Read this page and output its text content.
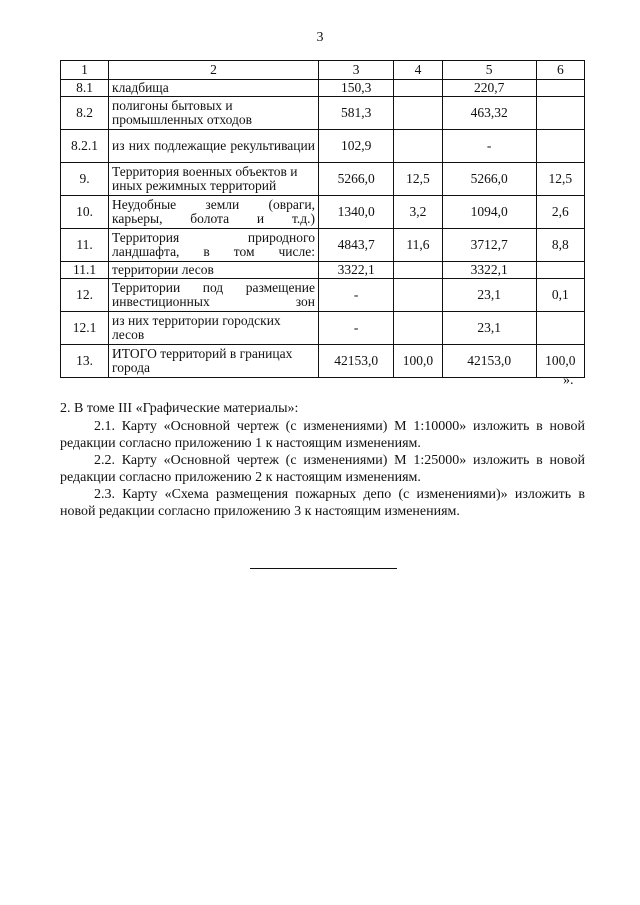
3
1	2	3	4	5	6
8.1	кладбища	150,3		220,7	
8.2	полигоны бытовых и промышленных отходов	581,3		463,32	
8.2.1	из них подлежащие рекультивации	102,9		-	
9.	Территория военных объектов и иных режимных территорий	5266,0	12,5	5266,0	12,5
10.	Неудобные земли (овраги, карьеры, болота и т.д.)	1340,0	3,2	1094,0	2,6
11.	Территория природного ландшафта, в том числе:	4843,7	11,6	3712,7	8,8
11.1	территории лесов	3322,1		3322,1	
12.	Территории под размещение инвестиционных зон	-		23,1	0,1
12.1	из них территории городских лесов	-		23,1	
13.	ИТОГО территорий в границах города	42153,0	100,0	42153,0	100,0
».
2. В томе III «Графические материалы»:
2.1. Карту «Основной чертеж (с изменениями) М 1:10000» изложить в новой редакции согласно приложению 1 к настоящим изменениям.
2.2. Карту «Основной чертеж (с изменениями) М 1:25000» изложить в новой редакции согласно приложению 2 к настоящим изменениям.
2.3. Карту «Схема размещения пожарных депо (с изменениями)» изложить в новой редакции согласно приложению 3 к настоящим изменениям.
